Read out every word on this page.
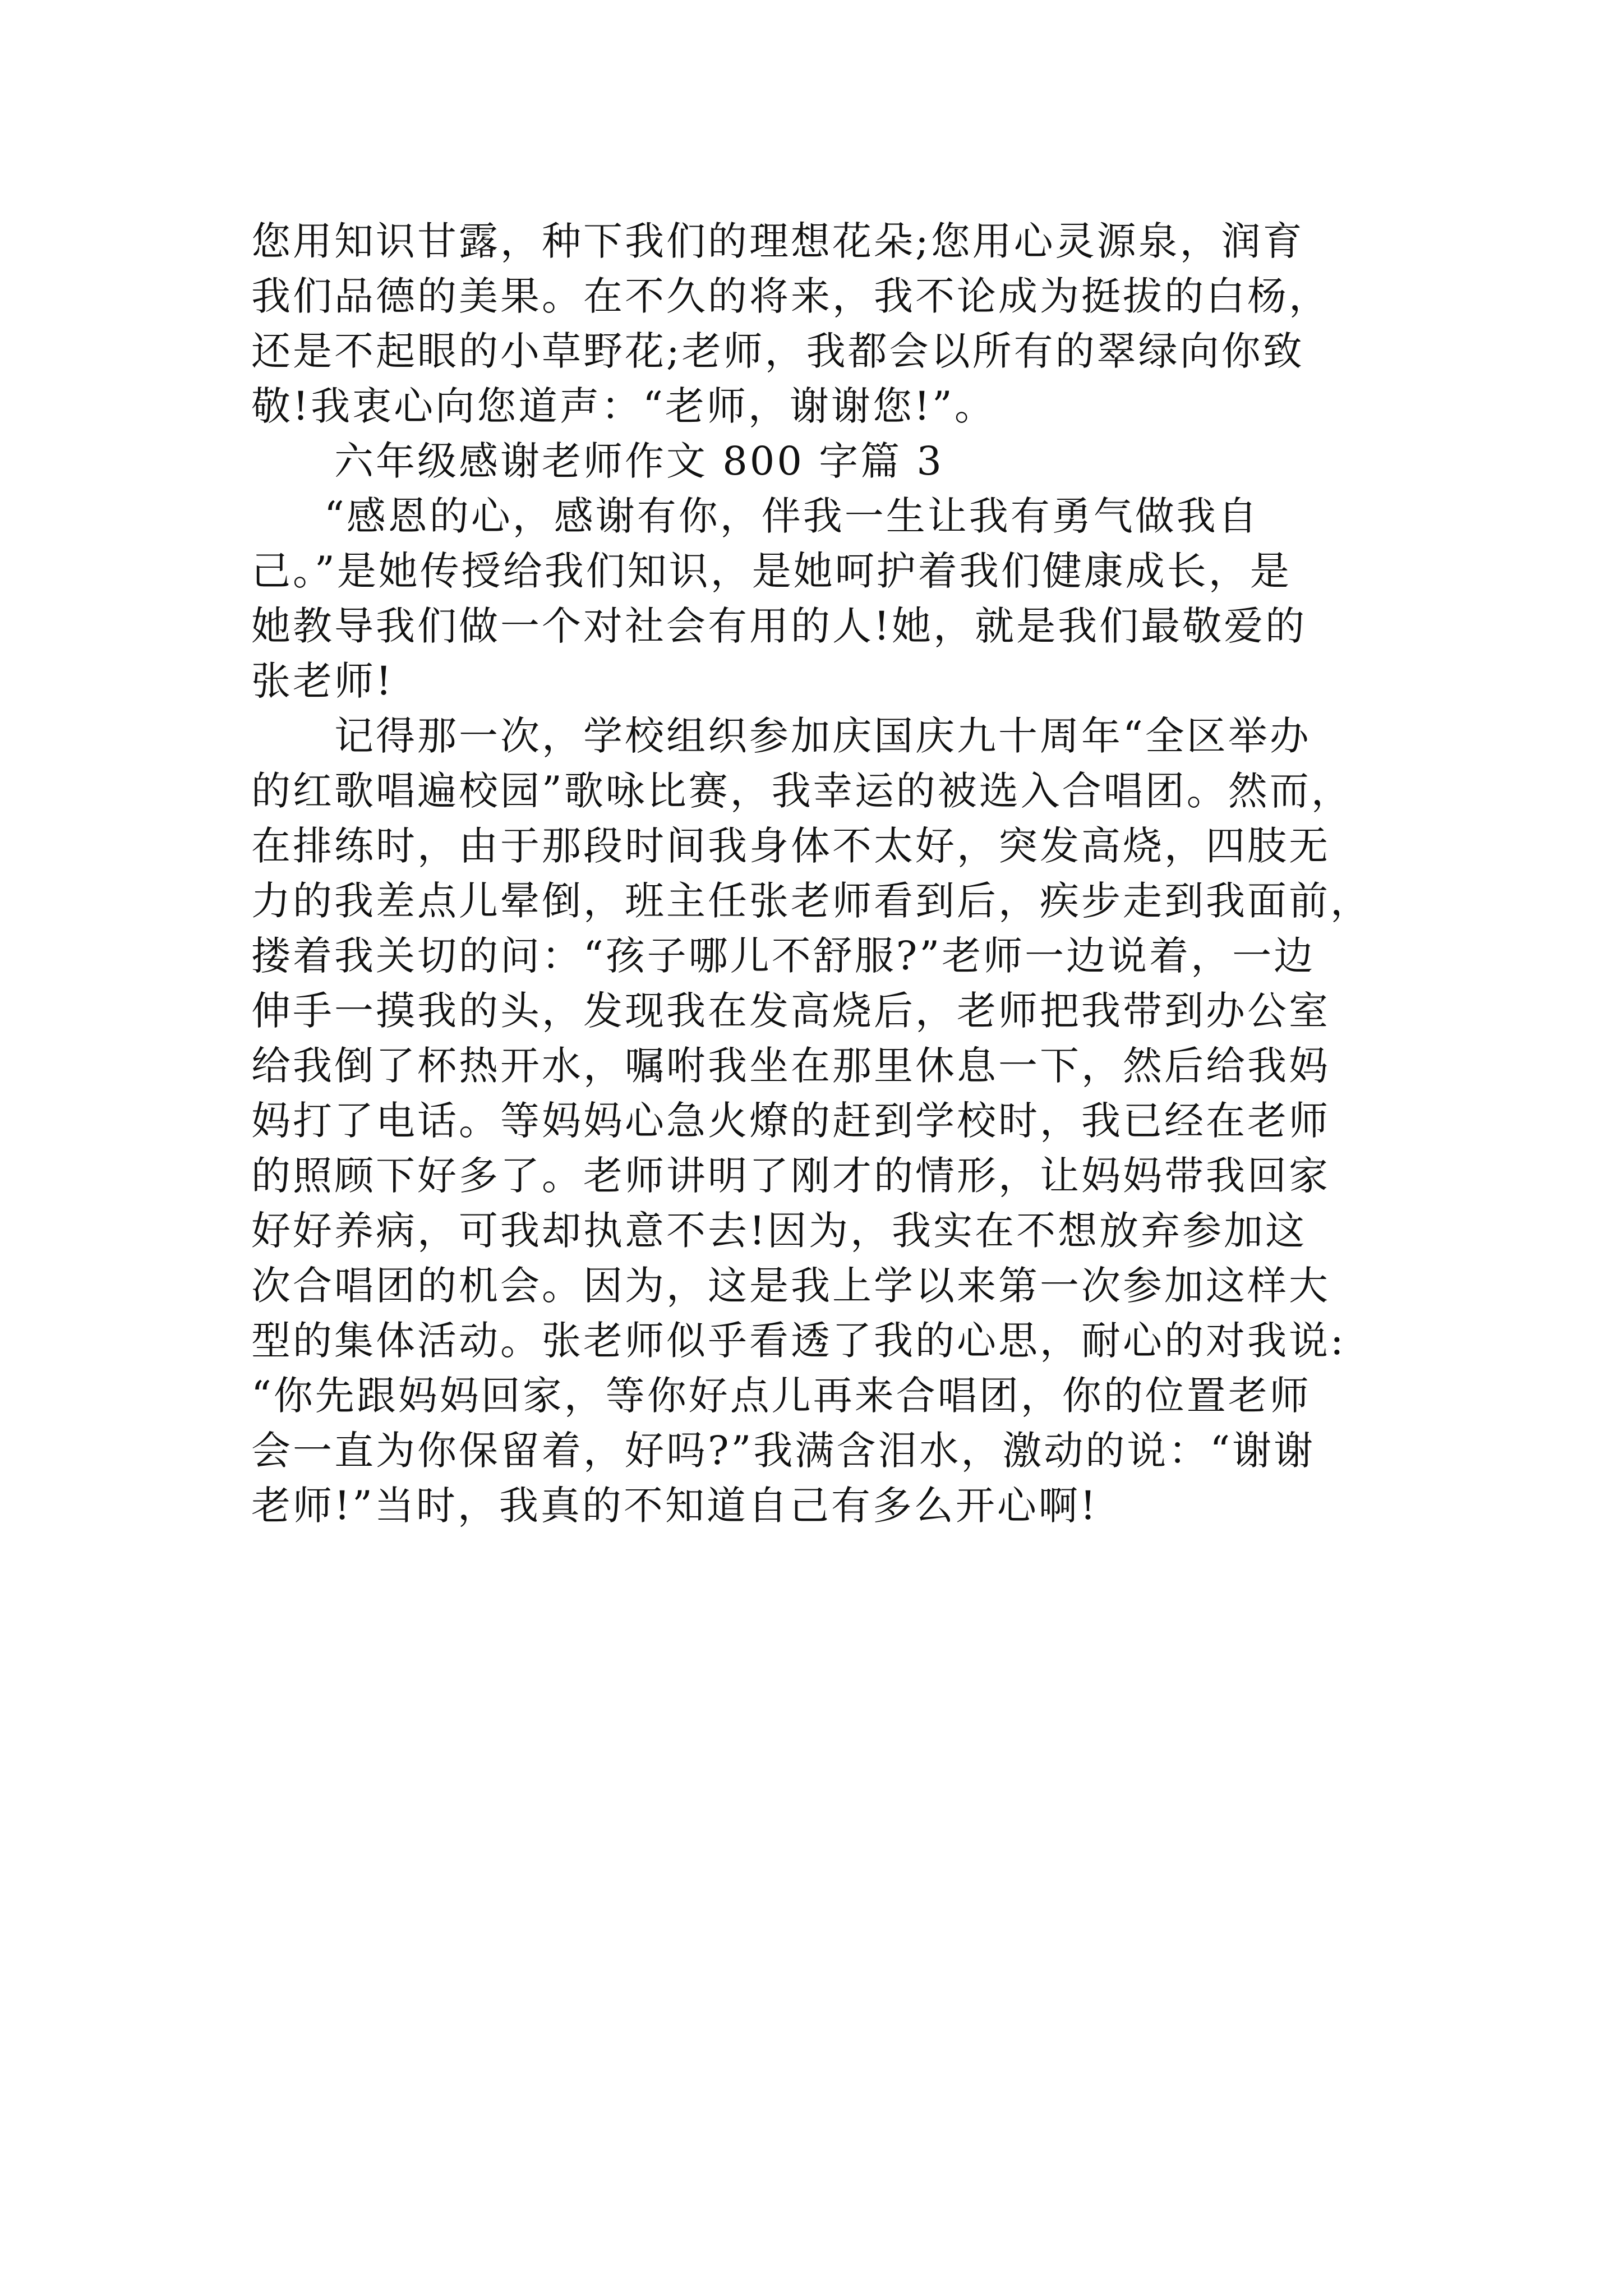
您用知识甘露，种下我们的理想花朵;您用心灵源泉，润育
我们品德的美果。在不久的将来，我不论成为挺拔的白杨，
还是不起眼的小草野花;老师，我都会以所有的翠绿向你致
敬!我衷心向您道声：“老师，谢谢您!”。
六年级感谢老师作文 800 字篇 3
“感恩的心，感谢有你，伴我一生让我有勇气做我自
己。”是她传授给我们知识，是她呵护着我们健康成长，是
她教导我们做一个对社会有用的人!她，就是我们最敬爱的
张老师!
记得那一次，学校组织参加庆国庆九十周年“全区举办
的红歌唱遍校园”歌咏比赛，我幸运的被选入合唱团。然而，
在排练时，由于那段时间我身体不太好，突发高烧，四肢无
力的我差点儿晕倒，班主任张老师看到后，疾步走到我面前，
搂着我关切的问：“孩子哪儿不舒服?”老师一边说着，一边
伸手一摸我的头，发现我在发高烧后，老师把我带到办公室
给我倒了杯热开水，嘱咐我坐在那里休息一下，然后给我妈
妈打了电话。等妈妈心急火燎的赶到学校时，我已经在老师
的照顾下好多了。老师讲明了刚才的情形，让妈妈带我回家
好好养病，可我却执意不去!因为，我实在不想放弃参加这
次合唱团的机会。因为，这是我上学以来第一次参加这样大
型的集体活动。张老师似乎看透了我的心思，耐心的对我说:
“你先跟妈妈回家，等你好点儿再来合唱团，你的位置老师
会一直为你保留着，好吗?”我满含泪水，激动的说：“谢谢
老师!”当时，我真的不知道自己有多么开心啊!
